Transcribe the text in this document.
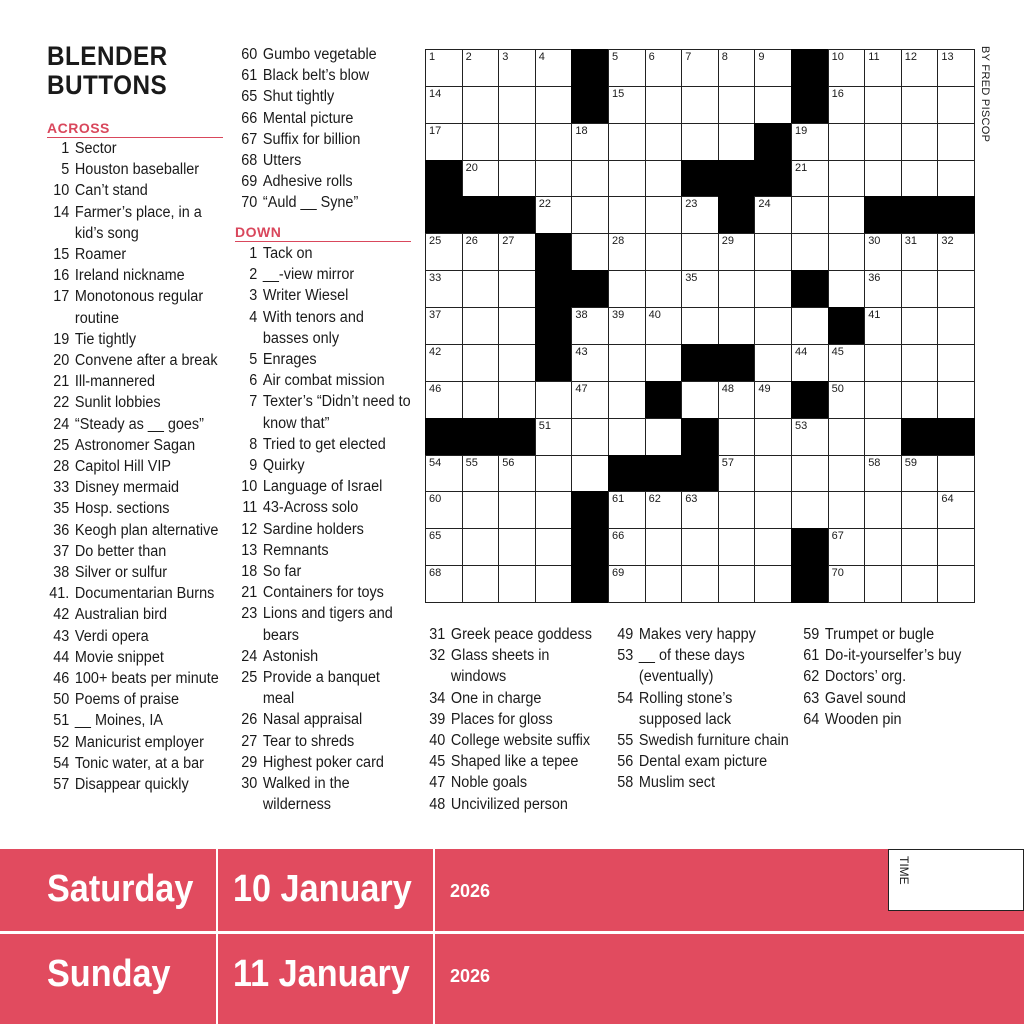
BLENDER BUTTONS
ACROSS
DOWN
1 Sector
5 Houston baseballer
10 Can’t stand
14 Farmer’s place, in a kid’s song
15 Roamer
16 Ireland nickname
17 Monotonous regular routine
19 Tie tightly
20 Convene after a break
21 Ill-mannered
22 Sunlit lobbies
24 “Steady as __ goes”
25 Astronomer Sagan
28 Capitol Hill VIP
33 Disney mermaid
35 Hosp. sections
36 Keogh plan alternative
37 Do better than
38 Silver or sulfur
41. Documentarian Burns
42 Australian bird
43 Verdi opera
44 Movie snippet
46 100+ beats per minute
50 Poems of praise
51 __ Moines, IA
52 Manicurist employer
54 Tonic water, at a bar
57 Disappear quickly
60 Gumbo vegetable
61 Black belt’s blow
65 Shut tightly
66 Mental picture
67 Suffix for billion
68 Utters
69 Adhesive rolls
70 “Auld __ Syne”
1 Tack on
2 __-view mirror
3 Writer Wiesel
4 With tenors and basses only
5 Enrages
6 Air combat mission
7 Texter’s “Didn’t need to know that”
8 Tried to get elected
9 Quirky
10 Language of Israel
11 43-Across solo
12 Sardine holders
13 Remnants
18 So far
21 Containers for toys
23 Lions and tigers and bears
24 Astonish
25 Provide a banquet meal
26 Nasal appraisal
27 Tear to shreds
29 Highest poker card
30 Walked in the wilderness
31 Greek peace goddess
32 Glass sheets in windows
34 One in charge
39 Places for gloss
40 College website suffix
45 Shaped like a tepee
47 Noble goals
48 Uncivilized person
49 Makes very happy
53 __ of these days (eventually)
54 Rolling stone’s supposed lack
55 Swedish furniture chain
56 Dental exam picture
58 Muslim sect
59 Trumpet or bugle
61 Do-it-yourselfer’s buy
62 Doctors’ org.
63 Gavel sound
64 Wooden pin
1	2	3	4	5	6	7	8	9	10 11 12 13
14	15	16
17	18	19
20	21
22	23	24
25 26 27	28	29	30 31 32
33	35	36
37	38 39 40	41
42	43	44 45
46	47	48 49	50
51	53
54 55 56	57	58 59
60	61 62 63	64
65	66	67
68	69	70
BY FRED PISCOP
Saturday 10 January 2026
Sunday 11 January 2026
TIME
